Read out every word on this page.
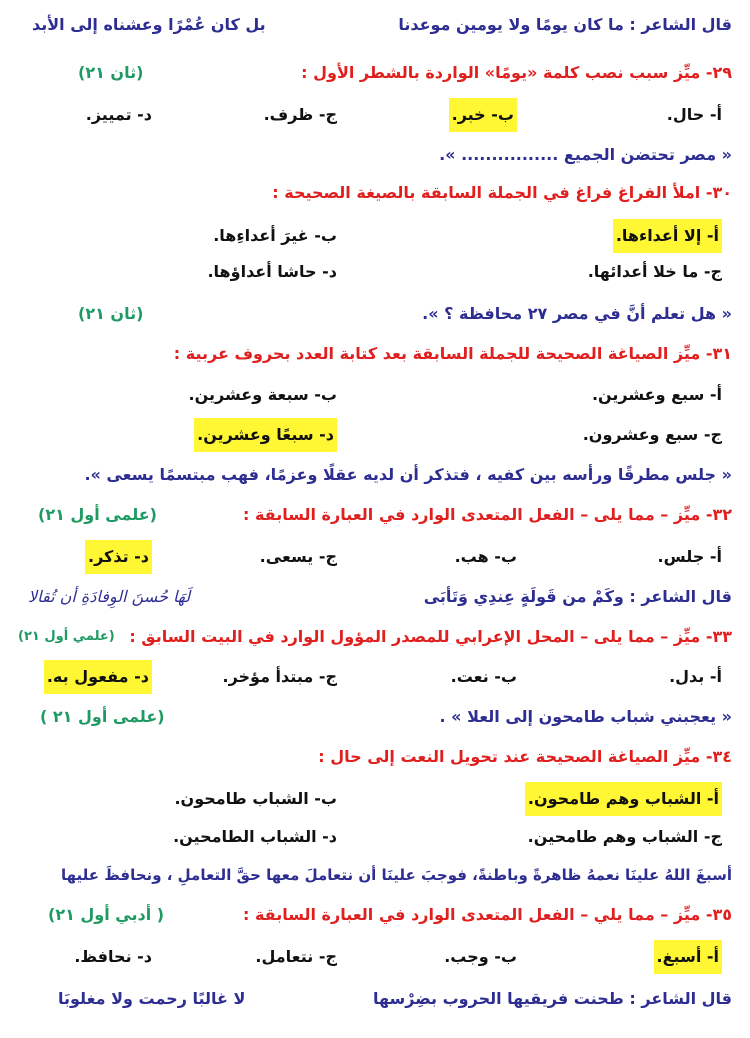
قال الشاعر : ما كان يومًا ولا يومين موعدنا
بل كان عُمْرًا وعشناه إلى الأبد
٢٩- ميِّز سبب نصب كلمة «يومًا» الواردة بالشطر الأول :
(ثان ٢١)
أ- حال.
ب- خبر.
ج- ظرف.
د- تمييز.
« مصر تحتضن الجميع ................ ».
٣٠- املأ الفراغ فراغ في الجملة السابقة بالصيغة الصحيحة :
أ- إلا أعداءها.
ب- غيرَ أعداءِها.
ج- ما خلا أعدائها.
د- حاشا أعداؤها.
« هل تعلم أنَّ في مصر ٢٧ محافظة ؟ ».
(ثان ٢١)
٣١- ميِّز الصياغة الصحيحة للجملة السابقة بعد كتابة العدد بحروف عربية :
أ- سبع وعشرين.
ب- سبعة وعشرين.
ج- سبع وعشرون.
د- سبعًا وعشرين.
« جلس مطرقًا ورأسه بين كفيه ، فتذكر أن لديه عقلًا وعزمًا، فهب مبتسمًا يسعى ».
٣٢- ميِّز – مما يلى – الفعل المتعدى الوارد في العبارة السابقة :
(علمى أول ٢١)
أ- جلس.
ب- هب.
ج- يسعى.
د- تذكر.
قال الشاعر : وكَمْ من قَولَةٍ عِندِي وَتَأبَى
لَهَا حُسنَ الوِفادَةِ أن تُقالا
٣٣- ميِّز – مما يلى – المحل الإعرابي للمصدر المؤول الوارد في البيت السابق :
(علمي أول ٢١)
أ- بدل.
ب- نعت.
ج- مبتدأ مؤخر.
د- مفعول به.
« يعجبني شباب طامحون إلى العلا » .
(علمى أول ٢١ )
٣٤- ميِّز الصياغة الصحيحة عند تحويل النعت إلى حال :
أ- الشباب وهم طامحون.
ب- الشباب طامحون.
ج- الشباب وهم طامحين.
د- الشباب الطامحين.
أسبغَ اللهُ علينَا نعمهُ ظاهرةً وباطنةً، فوجبَ علينَا أن نتعاملَ معها حقَّ التعاملِ ، ونحافظَ عليها
٣٥- ميِّز – مما يلي – الفعل المتعدى الوارد في العبارة السابقة :
( أدبي أول ٢١)
أ- أسبغ.
ب- وجب.
ج- نتعامل.
د- نحافظ.
قال الشاعر : طحنت فريقيها الحروب بضِرْسها
لا غالبًا رحمت ولا مغلوبَا
